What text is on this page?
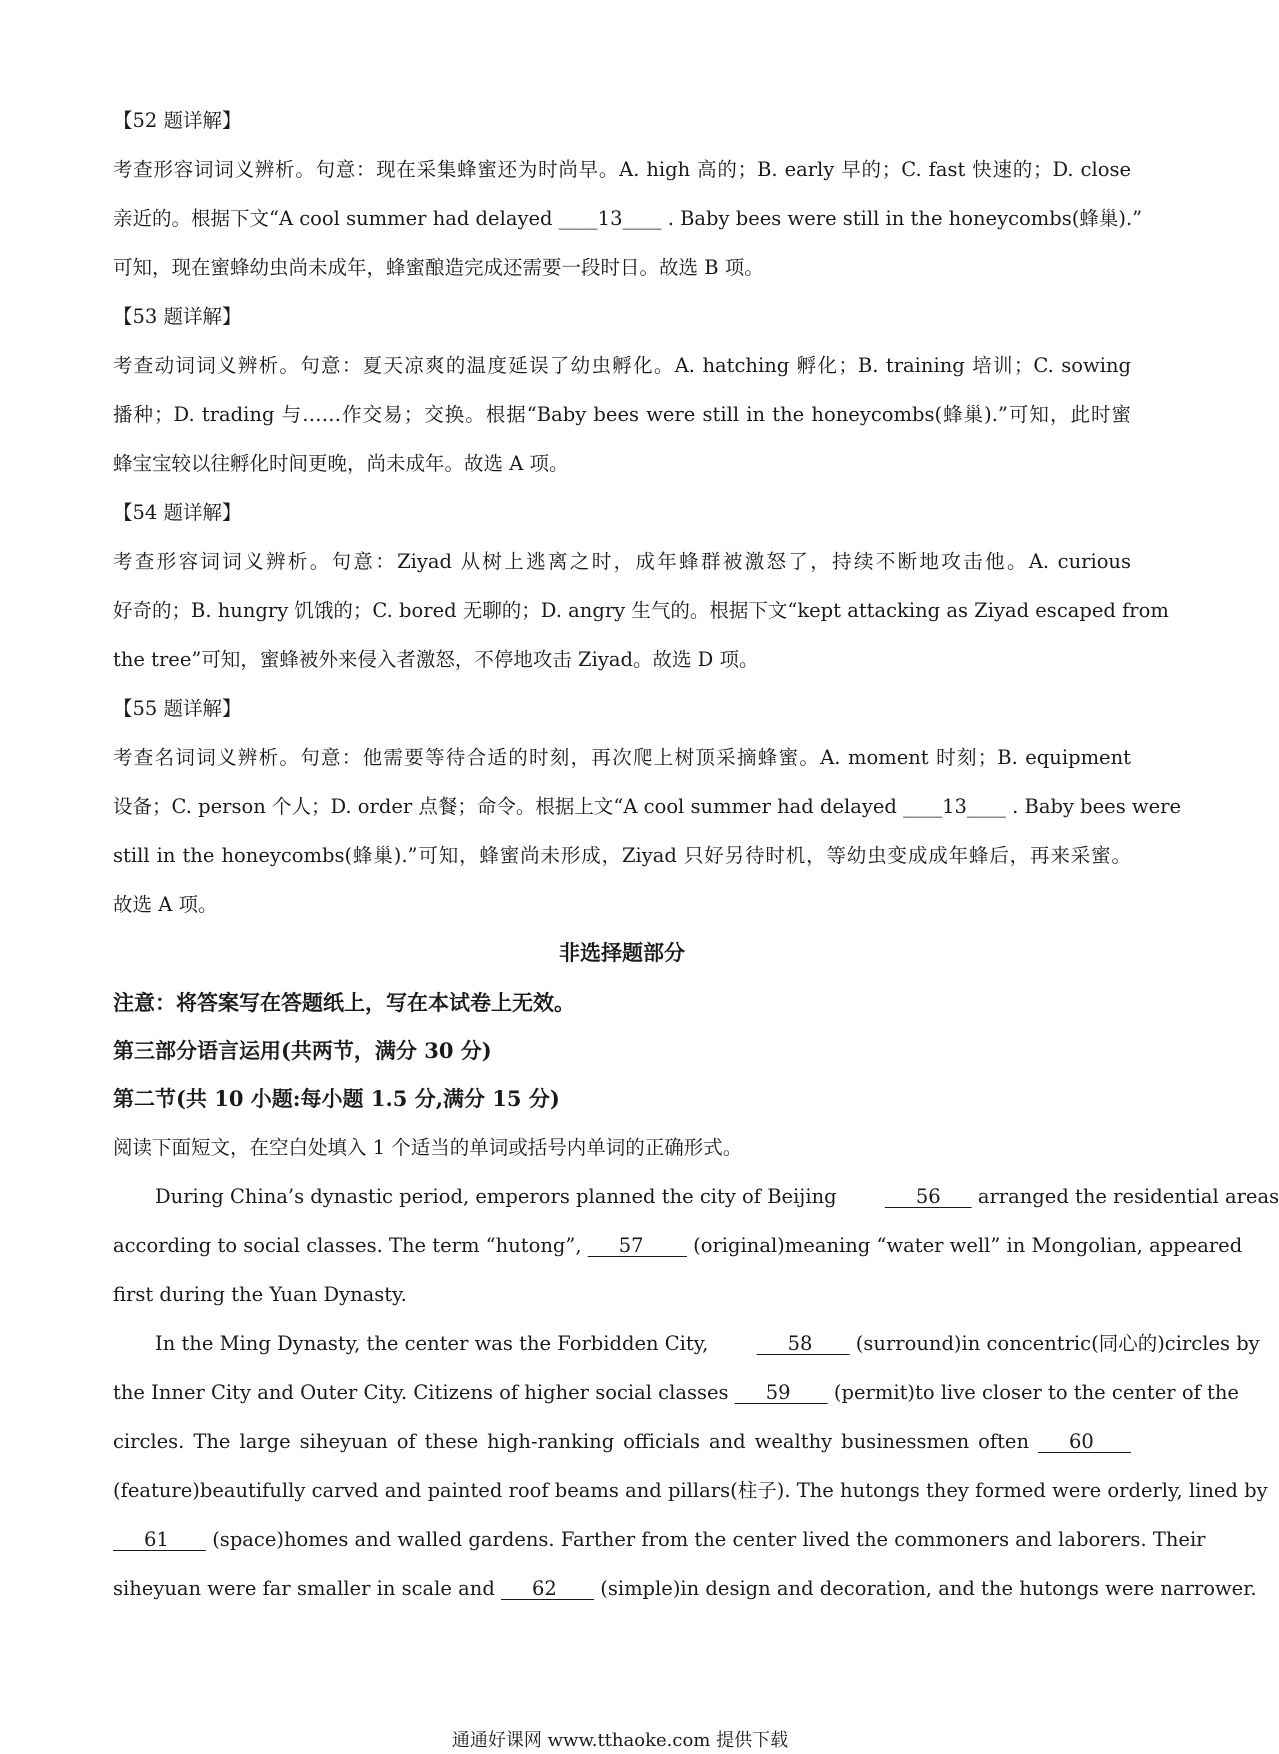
【52 题详解】
考查形容词词义辨析。句意：现在采集蜂蜜还为时尚早。A. high 高的；B. early 早的；C. fast 快速的；D. close
亲近的。根据下文“A cool summer had delayed ____13____ . Baby bees were still in the honeycombs(蜂巢).”
可知，现在蜜蜂幼虫尚未成年，蜂蜜酿造完成还需要一段时日。故选 B 项。
【53 题详解】
考查动词词义辨析。句意：夏天凉爽的温度延误了幼虫孵化。A. hatching 孵化；B. training 培训；C. sowing
播种；D. trading 与……作交易；交换。根据“Baby bees were still in the honeycombs(蜂巢).”可知，此时蜜
蜂宝宝较以往孵化时间更晚，尚未成年。故选 A 项。
【54 题详解】
考查形容词词义辨析。句意：Ziyad 从树上逃离之时，成年蜂群被激怒了，持续不断地攻击他。A. curious
好奇的；B. hungry 饥饿的；C. bored 无聊的；D. angry 生气的。根据下文“kept attacking as Ziyad escaped from
the tree”可知，蜜蜂被外来侵入者激怒，不停地攻击 Ziyad。故选 D 项。
【55 题详解】
考查名词词义辨析。句意：他需要等待合适的时刻，再次爬上树顶采摘蜂蜜。A. moment 时刻；B. equipment
设备；C. person 个人；D. order 点餐；命令。根据上文“A cool summer had delayed ____13____ . Baby bees were
still in the honeycombs(蜂巢).”可知，蜂蜜尚未形成，Ziyad 只好另待时机，等幼虫变成成年蜂后，再来采蜜。
故选 A 项。
非选择题部分
注意：将答案写在答题纸上，写在本试卷上无效。
第三部分语言运用(共两节，满分 30 分)
第二节(共 10 小题:每小题 1.5 分,满分 15 分)
阅读下面短文，在空白处填入 1 个适当的单词或括号内单词的正确形式。
During China’s dynastic period, emperors planned the city of Beijing      56      arranged the residential areas
according to social classes. The term “hutong”,      57        (original)meaning “water well” in Mongolian, appeared
first during the Yuan Dynasty.
In the Ming Dynasty, the center was the Forbidden City,      58       (surround)in concentric(同心的)circles by
the Inner City and Outer City. Citizens of higher social classes      59       (permit)to live closer to the center of the
circles. The large siheyuan of these high-ranking officials and wealthy businessmen often      60
(feature)beautifully carved and painted roof beams and pillars(柱子). The hutongs they formed were orderly, lined by
61       (space)homes and walled gardens. Farther from the center lived the commoners and laborers. Their
siheyuan were far smaller in scale and      62       (simple)in design and decoration, and the hutongs were narrower.
通通好课网 www.tthaoke.com 提供下载
